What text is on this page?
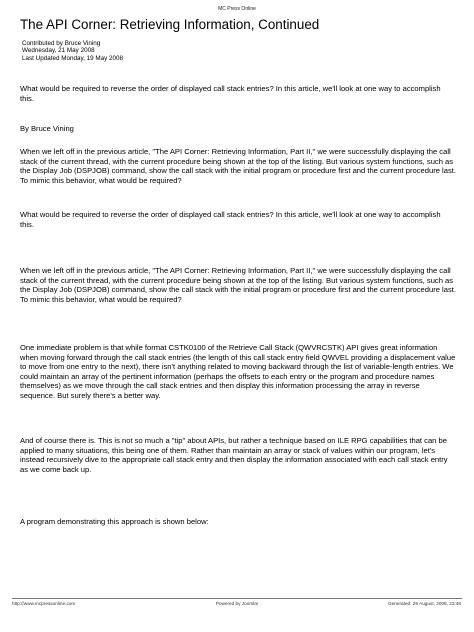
MC Press Online
The API Corner: Retrieving Information, Continued
Contributed by Bruce Vining
Wednesday, 21 May 2008
Last Updated Monday, 19 May 2008

What would be required to reverse the order of displayed call stack entries? In this article, we'll look at one way to accomplish this.

By Bruce Vining

When we left off in the previous article, "The API Corner: Retrieving Information, Part II," we were successfully displaying the call stack of the current thread, with the current procedure being shown at the top of the listing. But various system functions, such as the Display Job (DSPJOB) command, show the call stack with the initial program or procedure first and the current procedure last. To mimic this behavior, what would be required?

What would be required to reverse the order of displayed call stack entries? In this article, we'll look at one way to accomplish this.

When we left off in the previous article, "The API Corner: Retrieving Information, Part II," we were successfully displaying the call stack of the current thread, with the current procedure being shown at the top of the listing. But various system functions, such as the Display Job (DSPJOB) command, show the call stack with the initial program or procedure first and the current procedure last. To mimic this behavior, what would be required?

One immediate problem is that while format CSTK0100 of the Retrieve Call Stack (QWVRCSTK) API gives great information when moving forward through the call stack entries (the length of this call stack entry field QWVEL providing a displacement value to move from one entry to the next), there isn't anything related to moving backward through the list of variable-length entries. We could maintain an array of the pertinent information (perhaps the offsets to each entry or the program and procedure names themselves) as we move through the call stack entries and then display this information processing the array in reverse sequence. But surely there's a better way.

And of course there is. This is not so much a "tip" about APIs, but rather a technique based on ILE RPG capabilities that can be applied to many situations, this being one of them. Rather than maintain an array or stack of values within our program, let's instead recursively dive to the appropriate call stack entry and then display the information associated with each call stack entry as we come back up.

A program demonstrating this approach is shown below:

http://www.mcpressonline.com	Powered by Joomla!	Generated: 29 August, 2008, 23:48
